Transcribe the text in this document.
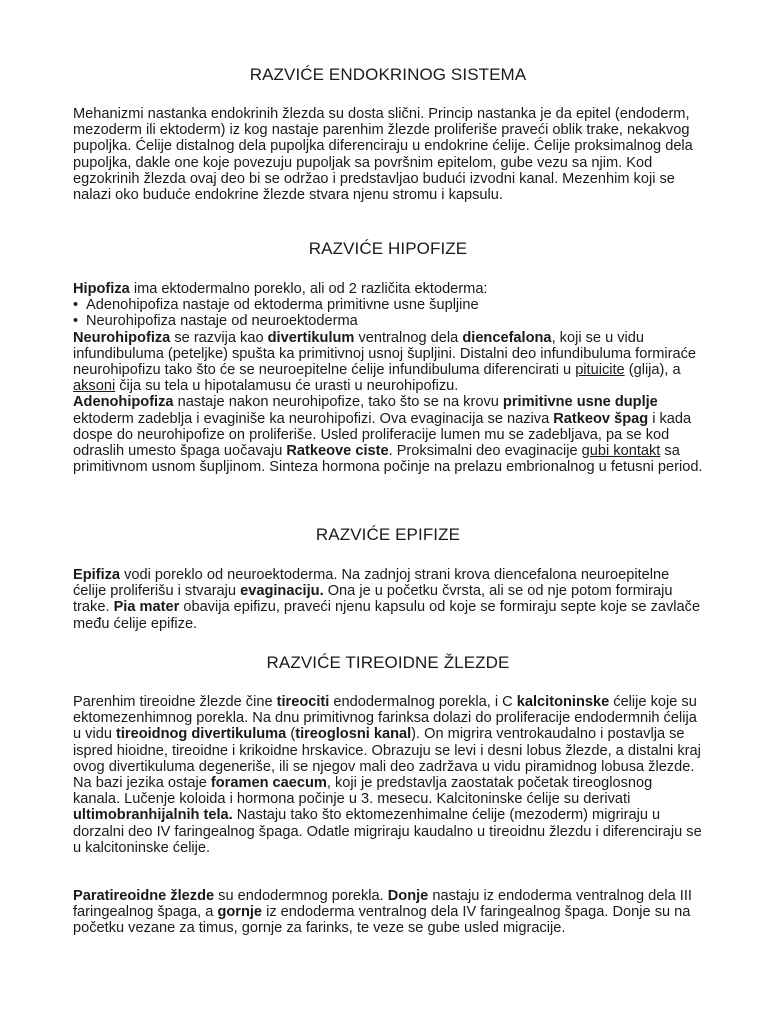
RAZVIĆE ENDOKRINOG SISTEMA

Mehanizmi nastanka endokrinih žlezda su dosta slični. Princip nastanka je da epitel (endoderm, mezoderm ili ektoderm) iz kog nastaje parenhim žlezde proliferiše praveći oblik trake, nekakvog pupoljka. Ćelije distalnog dela pupoljka diferenciraju u endokrine ćelije. Ćelije proksimalnog dela pupoljka, dakle one koje povezuju pupoljak sa površnim epitelom, gube vezu sa njim. Kod egzokrinih žlezda ovaj deo bi se održao i predstavljao budući izvodni kanal. Mezenhim koji se nalazi oko buduće endokrine žlezde stvara njenu stromu i kapsulu.

RAZVIĆE HIPOFIZE

Hipofiza ima ektodermalno poreklo, ali od 2 različita ektoderma:

• Adenohipofiza nastaje od ektoderma primitivne usne šupljine

• Neurohipofiza nastaje od neuroektoderma

Neurohipofiza se razvija kao divertikulum ventralnog dela diencefalona, koji se u vidu infundibuluma (peteljke) spušta ka primitivnoj usnoj šupljini. Distalni deo infundibuluma formiraće neurohipofizu tako što će se neuroepitelne ćelije infundibuluma diferencirati u pituicite (glija), a aksoni čija su tela u hipotalamusu će urasti u neurohipofizu.

Adenohipofiza nastaje nakon neurohipofize, tako što se na krovu primitivne usne duplje ektoderm zadeblja i evaginiše ka neurohipofizi. Ova evaginacija se naziva Ratkeov špag i kada dospe do neurohipofize on proliferiše. Usled proliferacije lumen mu se zadebljava, pa se kod odraslih umesto špaga uočavaju Ratkeove ciste. Proksimalni deo evaginacije gubi kontakt sa primitivnom usnom šupljinom. Sinteza hormona počinje na prelazu embrionalnog u fetusni period.

RAZVIĆE EPIFIZE

Epifiza vodi poreklo od neuroektoderma. Na zadnjoj strani krova diencefalona neuroepitelne ćelije proliferišu i stvaraju evaginaciju. Ona je u početku čvrsta, ali se od nje potom formiraju trake. Pia mater obavija epifizu, praveći njenu kapsulu od koje se formiraju septe koje se zavlače među ćelije epifize.

RAZVIĆE TIREOIDNE ŽLEZDE

Parenhim tireoidne žlezde čine tireociti endodermalnog porekla, i C kalcitoninske ćelije koje su ektomezenhimnog porekla. Na dnu primitivnog farinksa dolazi do proliferacije endodermnih ćelija u vidu tireoidnog divertikuluma (tireoglosni kanal). On migrira ventrokaudalno i postavlja se ispred hioidne, tireoidne i krikoidne hrskavice. Obrazuju se levi i desni lobus žlezde, a distalni kraj ovog divertikuluma degeneriše, ili se njegov mali deo zadržava u vidu piramidnog lobusa žlezde. Na bazi jezika ostaje foramen caecum, koji je predstavlja zaostatak početak tireoglosnog kanala. Lučenje koloida i hormona počinje u 3. mesecu. Kalcitoninske ćelije su derivati ultimobranhijalnih tela. Nastaju tako što ektomezenhimalne ćelije (mezoderm) migriraju u dorzalni deo IV faringealnog špaga. Odatle migriraju kaudalno u tireoidnu žlezdu i diferenciraju se u kalcitoninske ćelije.

Paratireoidne žlezde su endodermnog porekla. Donje nastaju iz endoderma ventralnog dela III faringealnog špaga, a gornje iz endoderma ventralnog dela IV faringealnog špaga. Donje su na početku vezane za timus, gornje za farinks, te veze se gube usled migracije.
